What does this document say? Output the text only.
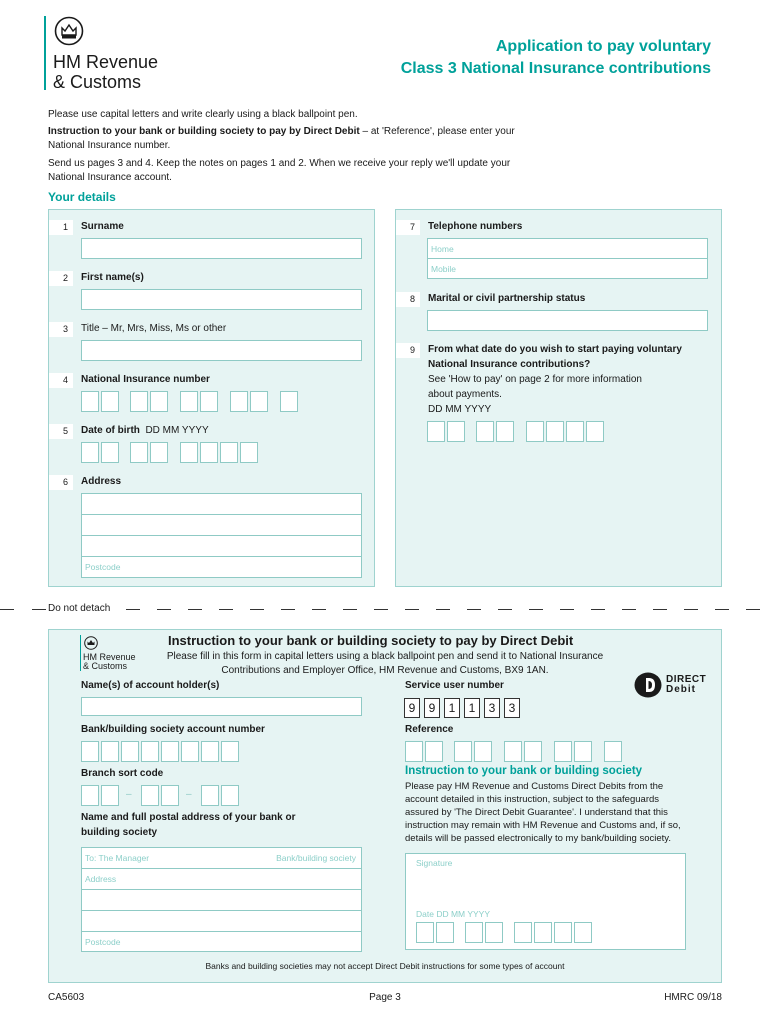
HM Revenue
& Customs
Application to pay voluntary
Class 3 National Insurance contributions
Please use capital letters and write clearly using a black ballpoint pen.
Instruction to your bank or building society to pay by Direct Debit – at 'Reference', please enter your
National Insurance number.
Send us pages 3 and 4. Keep the notes on pages 1 and 2. When we receive your reply we'll update your
National Insurance account.
Your details
1	Surname
2	First name(s)
3	Title – Mr, Mrs, Miss, Ms or other
4	National Insurance number
5	Date of birth DD MM YYYY
6	Address
Postcode
7	Telephone numbers
Home
Mobile
8	Marital or civil partnership status
9	From what date do you wish to start paying voluntary
National Insurance contributions?
See 'How to pay' on page 2 for more information
about payments.
DD MM YYYY
Do not detach
HM Revenue
& Customs
Instruction to your bank or building society to pay by Direct Debit
Please fill in this form in capital letters using a black ballpoint pen and send it to National Insurance
Contributions and Employer Office, HM Revenue and Customs, BX9 1AN.
DIRECT
Debit
Name(s) of account holder(s)
Bank/building society account number
Branch sort code
–	–
Name and full postal address of your bank or
building society
To: The Manager	Bank/building society
Address
Postcode
Service user number
9	9	1	1	3	3
Reference
Instruction to your bank or building society
Please pay HM Revenue and Customs Direct Debits from the
account detailed in this instruction, subject to the safeguards
assured by 'The Direct Debit Guarantee'. I understand that this
instruction may remain with HM Revenue and Customs and, if so,
details will be passed electronically to my bank/building society.
Signature
Date DD MM YYYY
Banks and building societies may not accept Direct Debit instructions for some types of account
CA5603	Page 3	HMRC 09/18
